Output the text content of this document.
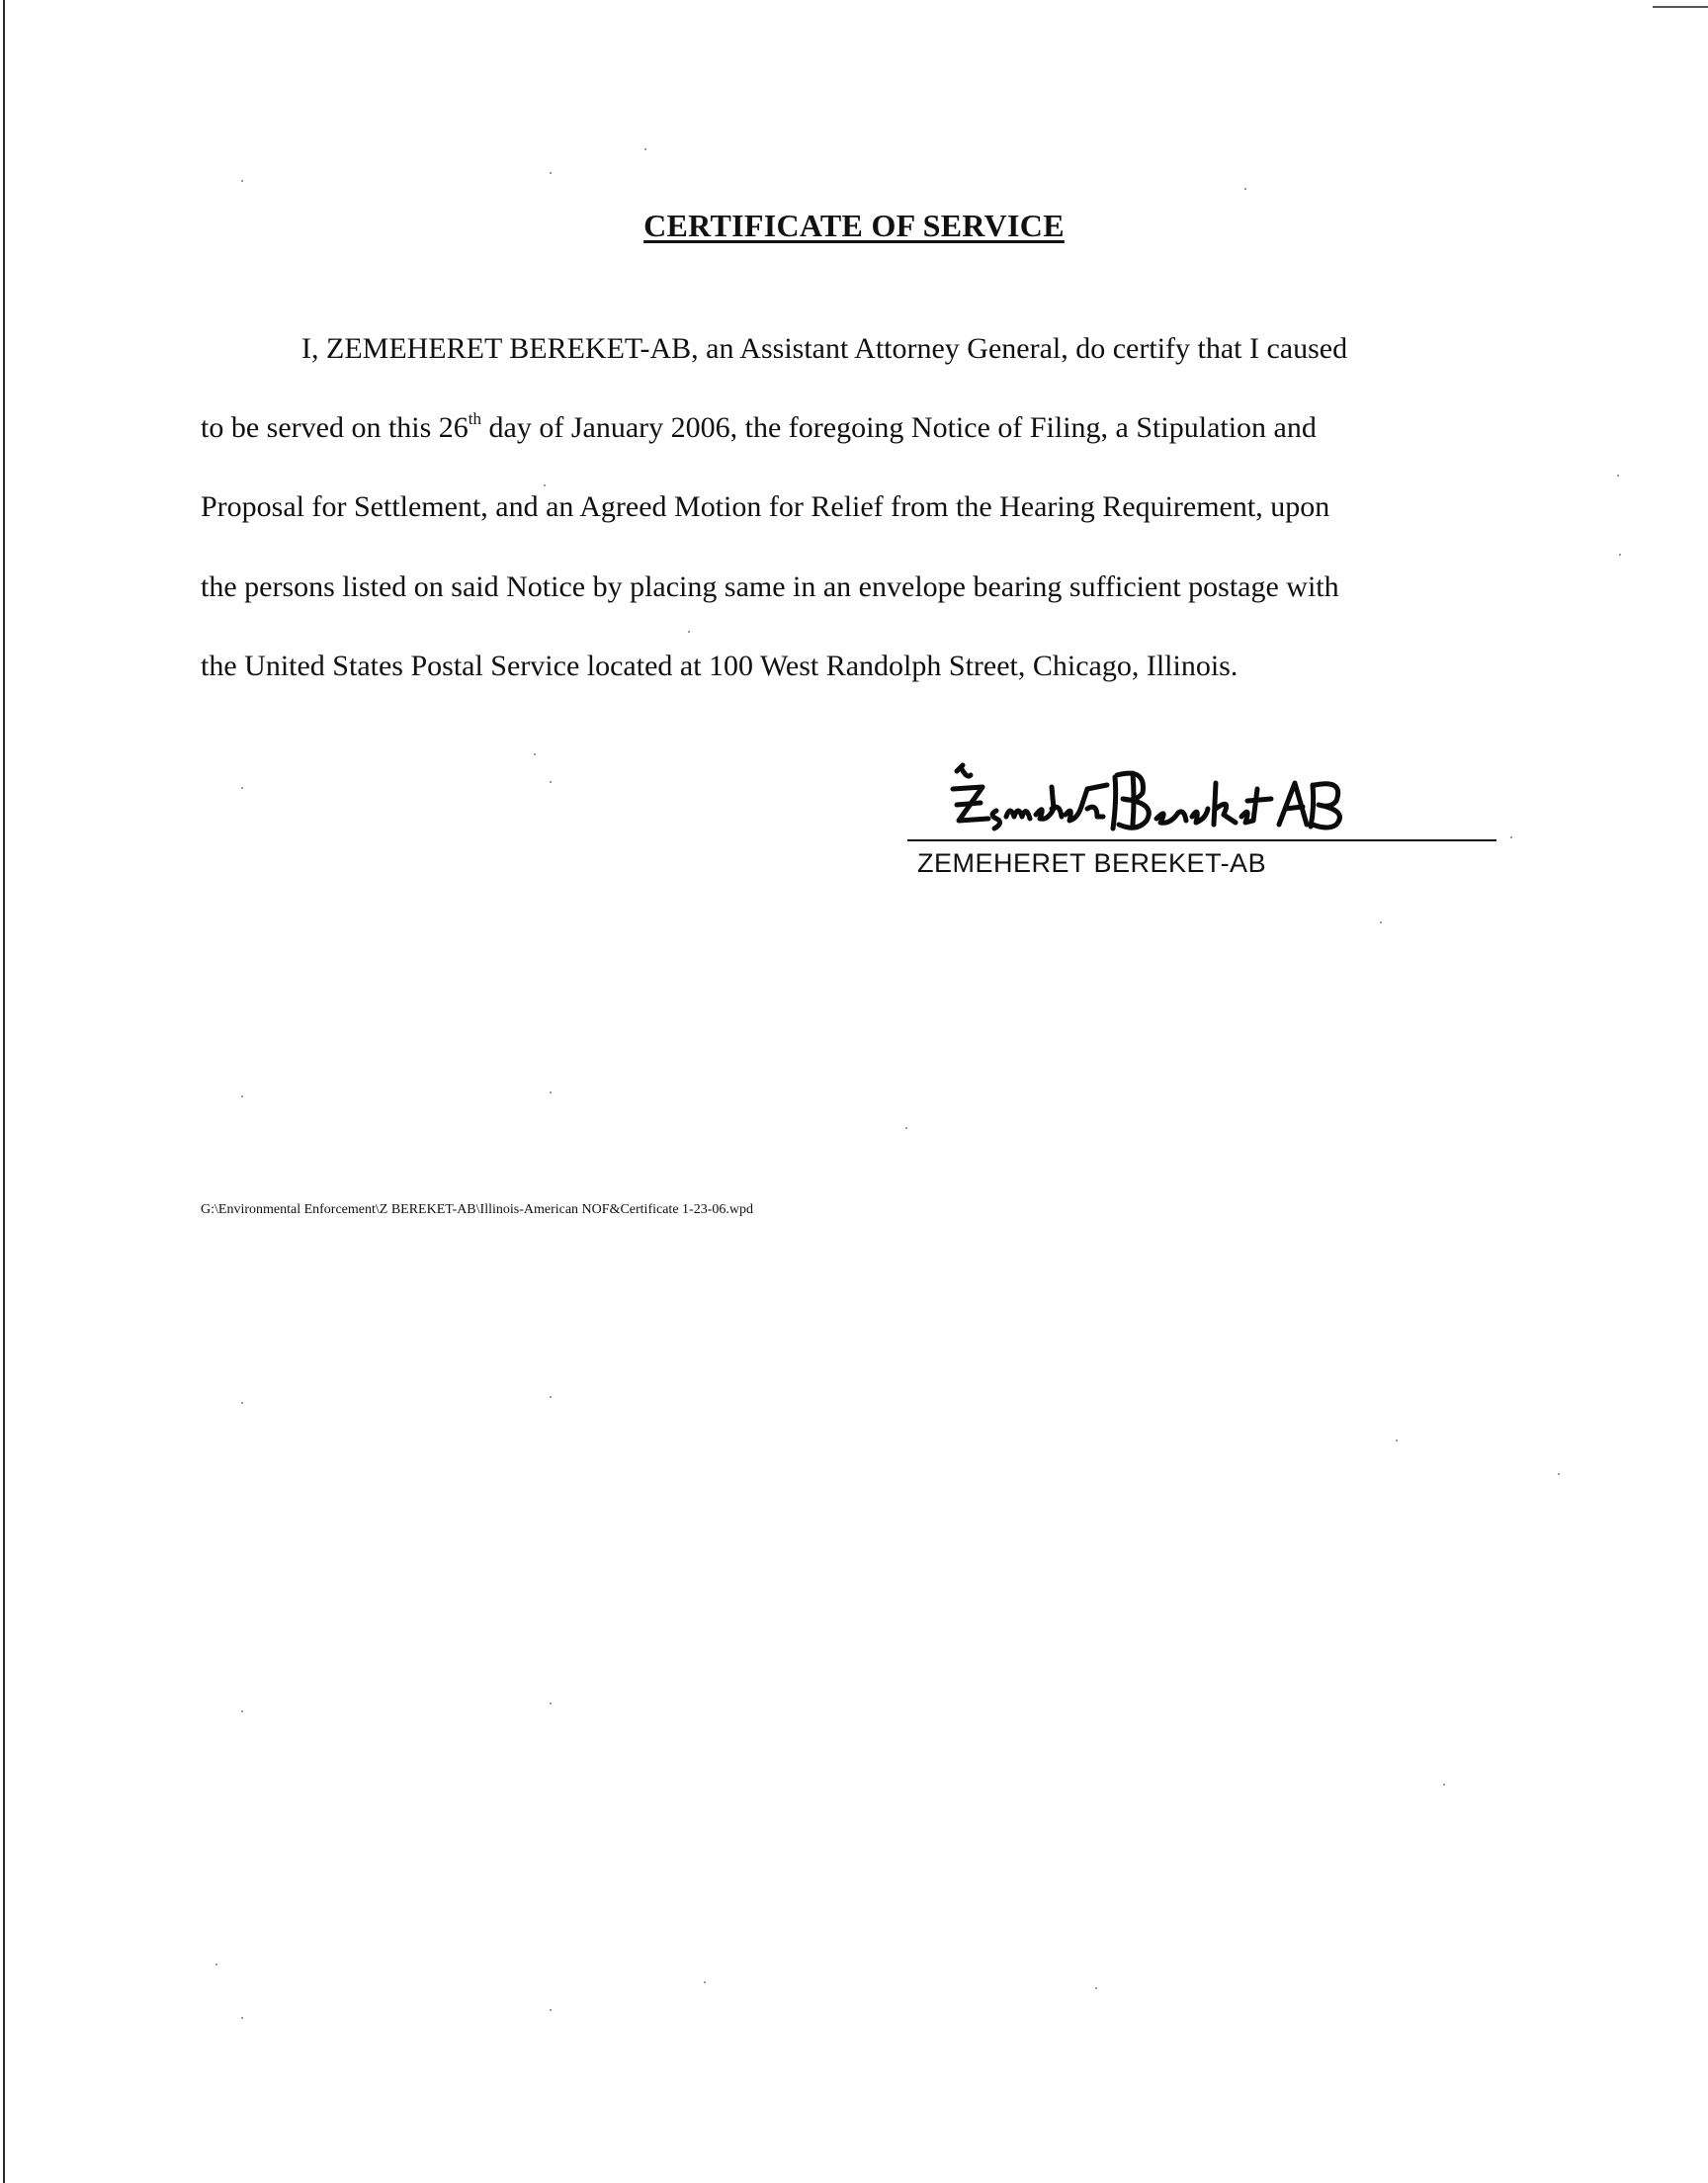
CERTIFICATE OF SERVICE
I, ZEMEHERET BEREKET-AB, an Assistant Attorney General, do certify that I caused
to be served on this 26th day of January 2006, the foregoing Notice of Filing, a Stipulation and
Proposal for Settlement, and an Agreed Motion for Relief from the Hearing Requirement, upon
the persons listed on said Notice by placing same in an envelope bearing sufficient postage with
the United States Postal Service located at 100 West Randolph Street, Chicago, Illinois.
ZEMEHERET BEREKET-AB
G:\Environmental Enforcement\Z BEREKET-AB\Illinois-American NOF&Certificate 1-23-06.wpd
